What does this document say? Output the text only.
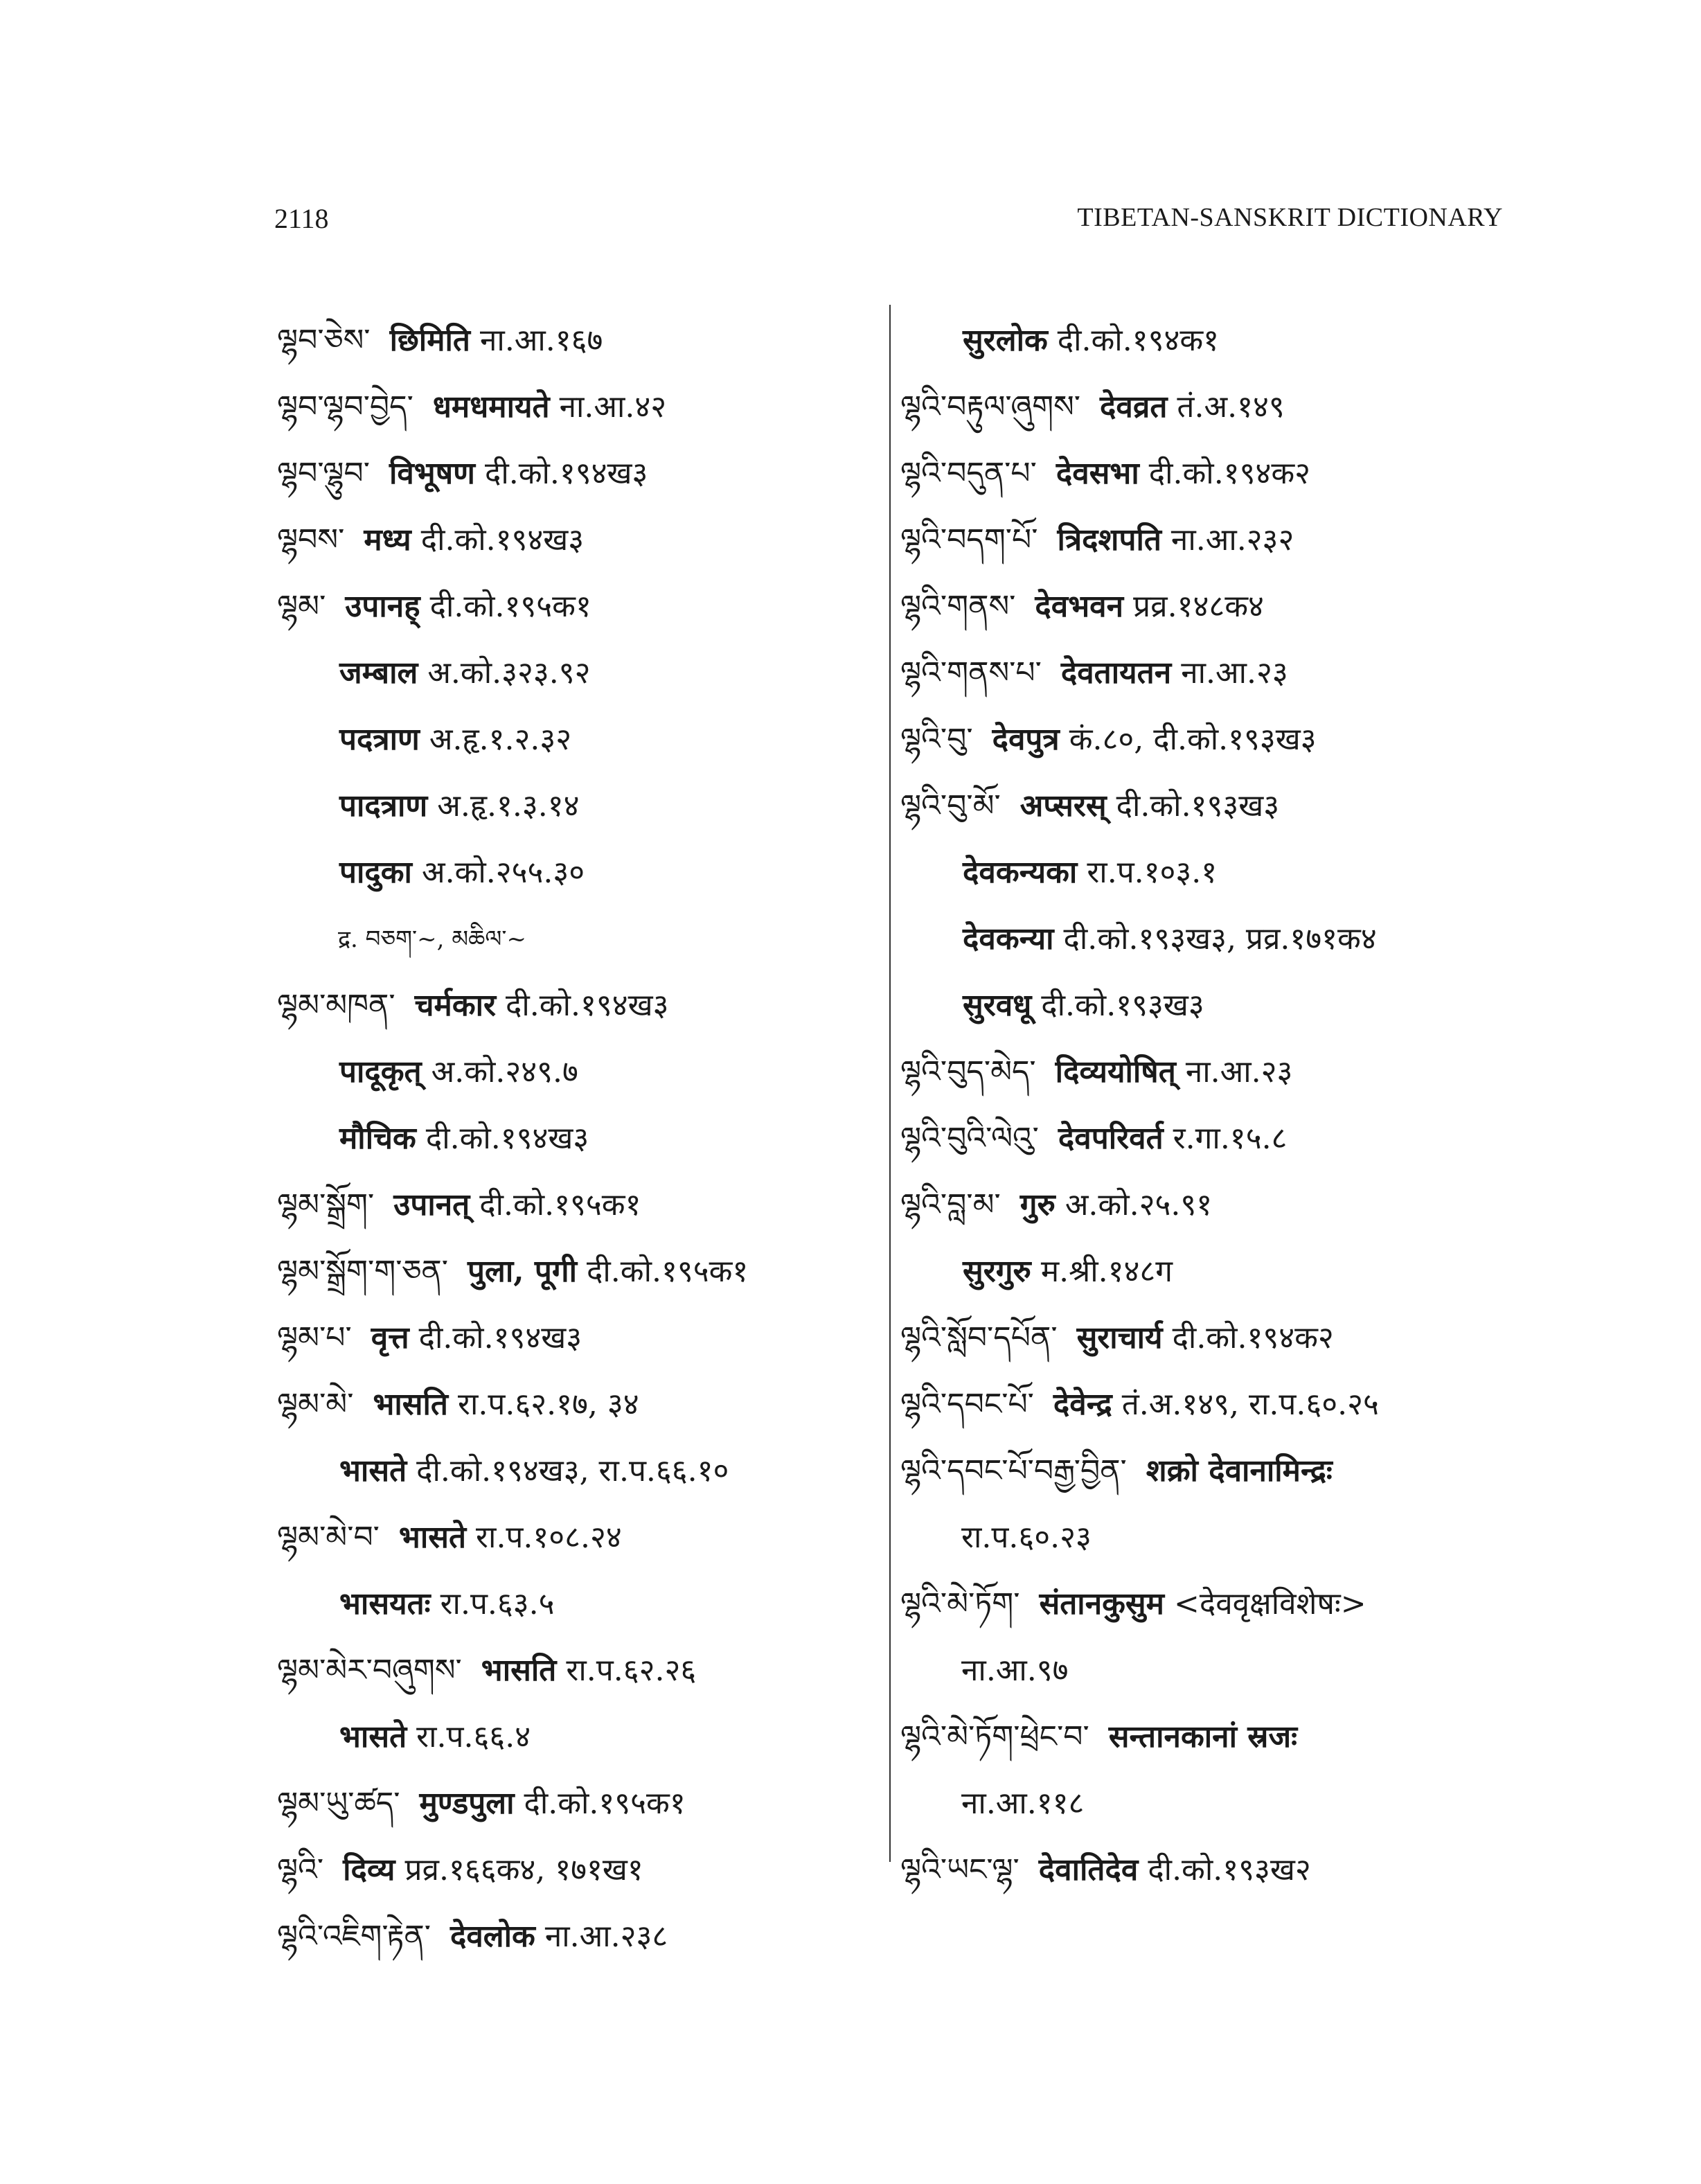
2118	TIBETAN-SANSKRIT DICTIONARY
ལྷབ་ཅེས་ छिमिति ना.आ.१६७
ལྷབ་ལྷབ་བྱེད་ धमधमायते ना.आ.४२
ལྷབ་ལྷུབ་ विभूषण दी.को.१९४ख३
ལྷབས་ मध्य दी.को.१९४ख३
ལྷམ་ उपानह् दी.को.१९५क१
जम्बाल अ.को.३२३.९२
पदत्राण अ.हृ.१.२.३२
पादत्राण अ.हृ.१.३.१४
पादुका अ.को.२५५.३०
द्र. བཅག་~, མཆིལ་~
ལྷམ་མཁན་ चर्मकार दी.को.१९४ख३
पादूकृत् अ.को.२४९.७
मौचिक दी.को.१९४ख३
ལྷམ་སྒྲོག་ उपानत् दी.को.१९५क१
ལྷམ་སྒྲོག་ག་ཅན་ पुला, पूगी दी.को.१९५क१
ལྷམ་པ་ वृत्त दी.को.१९४ख३
ལྷམ་མེ་ भासति रा.प.६२.१७, ३४
भासते दी.को.१९४ख३, रा.प.६६.१०
ལྷམ་མེ་བ་ भासते रा.प.१०८.२४
भासयतः रा.प.६३.५
ལྷམ་མེར་བཞུགས་ भासति रा.प.६२.२६
भासते रा.प.६६.४
ལྷམ་ཡུ་ཚད་ मुण्डपुला दी.को.१९५क१
ལྷའི་ दिव्य प्रव्र.१६६क४, १७१ख१
ལྷའི་འཇིག་རྟེན་ देवलोक ना.आ.२३८
सुरलोक दी.को.१९४क१
ལྷའི་བརྟུལ་ཞུགས་ देवव्रत तं.अ.१४९
ལྷའི་བདུན་པ་ देवसभा दी.को.१९४क२
ལྷའི་བདག་པོ་ त्रिदशपति ना.आ.२३२
ལྷའི་གནས་ देवभवन प्रव्र.१४८क४
ལྷའི་གནས་པ་ देवतायतन ना.आ.२३
ལྷའི་བུ་ देवपुत्र कं.८०, दी.को.१९३ख३
ལྷའི་བུ་མོ་ अप्सरस् दी.को.१९३ख३
देवकन्यका रा.प.१०३.१
देवकन्या दी.को.१९३ख३, प्रव्र.१७१क४
सुरवधू दी.को.१९३ख३
ལྷའི་བུད་མེད་ दिव्ययोषित् ना.आ.२३
ལྷའི་བུའི་ལེའུ་ देवपरिवर्त र.गा.१५.८
ལྷའི་བླ་མ་ गुरु अ.को.२५.९१
सुरगुरु म.श्री.१४८ग
ལྷའི་སློབ་དཔོན་ सुराचार्य दी.को.१९४क२
ལྷའི་དབང་པོ་ देवेन्द्र तं.अ.१४९, रा.प.६०.२५
ལྷའི་དབང་པོ་བརྒྱ་བྱིན་ शक्रो देवानामिन्द्रः
रा.प.६०.२३
ལྷའི་མེ་ཏོག་ संतानकुसुम <देववृक्षविशेषः>
ना.आ.९७
ལྷའི་མེ་ཏོག་ཕྲེང་བ་ सन्तानकानां स्रजः
ना.आ.११८
ལྷའི་ཡང་ལྷ་ देवातिदेव दी.को.१९३ख२
